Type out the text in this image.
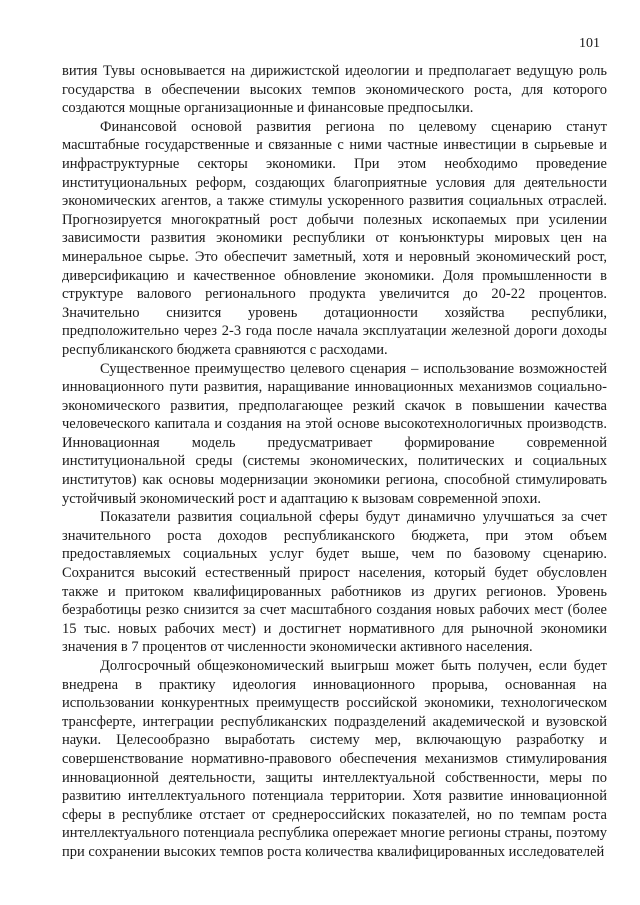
101

вития Тувы основывается на дирижистской идеологии и предполагает ведущую роль государства в обеспечении высоких темпов экономического роста, для которого создаются мощные организационные и финансовые предпосылки.

Финансовой основой развития региона по целевому сценарию станут масштабные государственные и связанные с ними частные инвестиции в сырьевые и инфраструктурные секторы экономики. При этом необходимо проведение институциональных реформ, создающих благоприятные условия для деятельности экономических агентов, а также стимулы ускоренного развития социальных отраслей. Прогнозируется многократный рост добычи полезных ископаемых при усилении зависимости развития экономики республики от конъюнктуры мировых цен на минеральное сырье. Это обеспечит заметный, хотя и неровный экономический рост, диверсификацию и качественное обновление экономики. Доля промышленности в структуре валового регионального продукта увеличится до 20-22 процентов. Значительно снизится уровень дотационности хозяйства республики, предположительно через 2-3 года после начала эксплуатации железной дороги доходы республиканского бюджета сравняются с расходами.

Существенное преимущество целевого сценария – использование возможностей инновационного пути развития, наращивание инновационных механизмов социально-экономического развития, предполагающее резкий скачок в повышении качества человеческого капитала и создания на этой основе высокотехнологичных производств. Инновационная модель предусматривает формирование современной институциональной среды (системы экономических, политических и социальных институтов) как основы модернизации экономики региона, способной стимулировать устойчивый экономический рост и адаптацию к вызовам современной эпохи.

Показатели развития социальной сферы будут динамично улучшаться за счет значительного роста доходов республиканского бюджета, при этом объем предоставляемых социальных услуг будет выше, чем по базовому сценарию. Сохранится высокий естественный прирост населения, который будет обусловлен также и притоком квалифицированных работников из других регионов. Уровень безработицы резко снизится за счет масштабного создания новых рабочих мест (более 15 тыс. новых рабочих мест) и достигнет нормативного для рыночной экономики значения в 7 процентов от численности экономически активного населения.

Долгосрочный общеэкономический выигрыш может быть получен, если будет внедрена в практику идеология инновационного прорыва, основанная на использовании конкурентных преимуществ российской экономики, технологическом трансферте, интеграции республиканских подразделений академической и вузовской науки. Целесообразно выработать систему мер, включающую разработку и совершенствование нормативно-правового обеспечения механизмов стимулирования инновационной деятельности, защиты интеллектуальной собственности, меры по развитию интеллектуального потенциала территории. Хотя развитие инновационной сферы в республике отстает от среднероссийских показателей, но по темпам роста интеллектуального потенциала республика опережает многие регионы страны, поэтому при сохранении высоких темпов роста количества квалифицированных исследователей
